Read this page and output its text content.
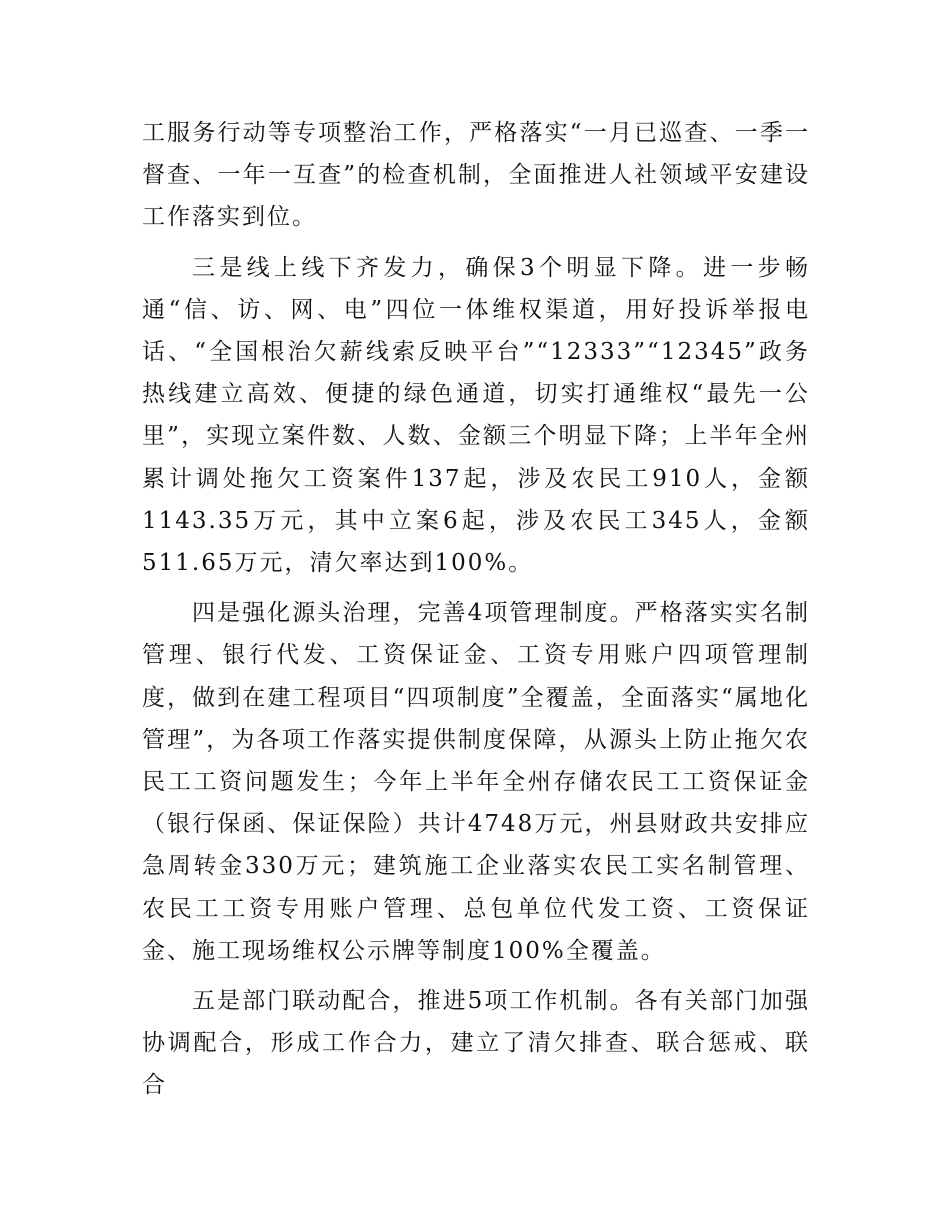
工服务行动等专项整治工作，严格落实“一月已巡查、一季一督查、一年一互查”的检查机制，全面推进人社领域平安建设工作落实到位。

三是线上线下齐发力，确保3个明显下降。进一步畅通“信、访、网、电”四位一体维权渠道，用好投诉举报电话、“全国根治欠薪线索反映平台”“12333”“12345”政务热线建立高效、便捷的绿色通道，切实打通维权“最先一公里”，实现立案件数、人数、金额三个明显下降；上半年全州累计调处拖欠工资案件137起，涉及农民工910人，金额1143.35万元，其中立案6起，涉及农民工345人，金额511.65万元，清欠率达到100%。

四是强化源头治理，完善4项管理制度。严格落实实名制管理、银行代发、工资保证金、工资专用账户四项管理制度，做到在建工程项目“四项制度”全覆盖，全面落实“属地化管理”，为各项工作落实提供制度保障，从源头上防止拖欠农民工工资问题发生；今年上半年全州存储农民工工资保证金（银行保函、保证保险）共计4748万元，州县财政共安排应急周转金330万元；建筑施工企业落实农民工实名制管理、农民工工资专用账户管理、总包单位代发工资、工资保证金、施工现场维权公示牌等制度100%全覆盖。

五是部门联动配合，推进5项工作机制。各有关部门加强协调配合，形成工作合力，建立了清欠排查、联合惩戒、联合
